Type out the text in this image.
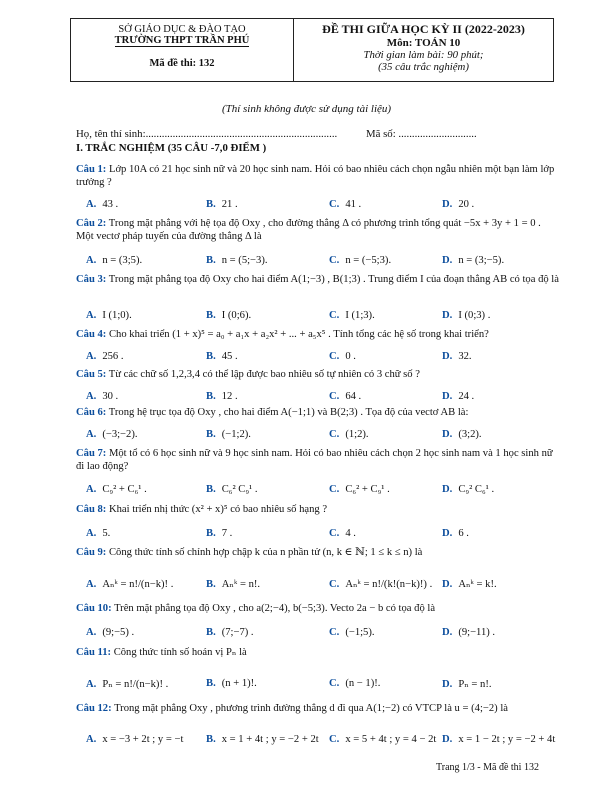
SỞ GIÁO DỤC & ĐÀO TẠO
TRƯỜNG THPT TRẦN PHÚ
Mã đề thi: 132
ĐỀ THI GIỮA HỌC KỲ II (2022-2023)
Môn: TOÁN 10
Thời gian làm bài: 90 phút;
(35 câu trắc nghiệm)
(Thí sinh không được sử dụng tài liệu)
Họ, tên thí sinh:.......................................................................	Mã số: .............................
I. TRẮC NGHIỆM (35 CÂU -7,0 ĐIỂM )
Câu 1: Lớp 10A có 21 học sinh nữ và 20 học sinh nam. Hỏi có bao nhiêu cách chọn ngẫu nhiên một bạn làm lớp trưởng ?
A. 43 .	B. 21 .	C. 41 .	D. 20 .
Câu 2: Trong mặt phẳng với hệ tọa độ Oxy , cho đường thẳng Δ có phương trình tổng quát −5x + 3y + 1 = 0 . Một vectơ pháp tuyến của đường thẳng Δ là
A. n = (3;5).	B. n = (5;−3).	C. n = (−5;3).	D. n = (3;−5).
Câu 3: Trong mặt phẳng tọa độ Oxy cho hai điểm A(1;−3) , B(1;3) . Trung điểm I của đoạn thẳng AB có tọa độ là
A. I (1;0).	B. I (0;6).	C. I (1;3).	D. I (0;3) .
Câu 4: Cho khai triển (1 + x)⁵ = a₀ + a₁x + a₂x² + ... + a₅x⁵ . Tính tổng các hệ số trong khai triển?
A. 256 .	B. 45 .	C. 0 .	D. 32.
Câu 5: Từ các chữ số 1,2,3,4 có thể lập được bao nhiêu số tự nhiên có 3 chữ số ?
A. 30 .	B. 12 .	C. 64 .	D. 24 .
Câu 6: Trong hệ trục tọa độ Oxy , cho hai điểm A(−1;1) và B(2;3) . Tọa độ của vectơ AB là:
A. (−3;−2).	B. (−1;2).	C. (1;2).	D. (3;2).
Câu 7: Một tổ có 6 học sinh nữ và 9 học sinh nam. Hỏi có bao nhiêu cách chọn 2 học sinh nam và 1 học sinh nữ đi lao động?
A. C₉² + C₆¹ .	B. C₆² C₉¹ .	C. C₆² + C₉¹ .	D. C₉² C₆¹ .
Câu 8: Khai triển nhị thức (x² + x)⁵ có bao nhiêu số hạng ?
A. 5.	B. 7 .	C. 4 .	D. 6 .
Câu 9: Công thức tính số chỉnh hợp chập k của n phần tử (n, k ∈ ℕ; 1 ≤ k ≤ n) là
A. Aₙᵏ = n!/(n−k)! .	B. Aₙᵏ = n!.	C. Aₙᵏ = n!/(k!(n−k)!) . D. Aₙᵏ = k!.
Câu 10: Trên mặt phẳng tọa độ Oxy , cho a(2;−4), b(−5;3). Vecto 2a − b có tọa độ là
A. (9;−5) .	B. (7;−7) .	C. (−1;5).	D. (9;−11) .
Câu 11: Công thức tính số hoán vị Pₙ là
A. Pₙ = n!/(n−k)! .	B. (n + 1)!.	C. (n − 1)!.	D. Pₙ = n!.
Câu 12: Trong mặt phẳng Oxy , phương trình đường thẳng d đi qua A(1;−2) có VTCP là u = (4;−2) là
A. x = −3 + 2t ; y = −t B. x = 1 + 4t ; y = −2 + 2t C. x = 5 + 4t ; y = 4 − 2t D. x = 1 − 2t ; y = −2 + 4t
Trang 1/3 - Mã đề thi 132
